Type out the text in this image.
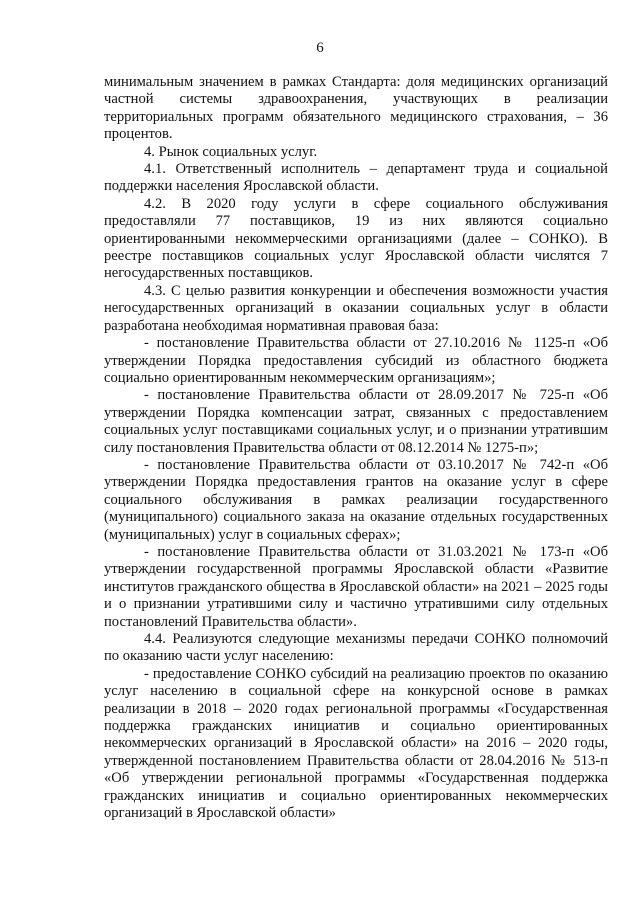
6

минимальным значением в рамках Стандарта: доля медицинских организаций частной системы здравоохранения, участвующих в реализации территориальных программ обязательного медицинского страхования, – 36 процентов.

4. Рынок социальных услуг.

4.1. Ответственный исполнитель – департамент труда и социальной поддержки населения Ярославской области.

4.2. В 2020 году услуги в сфере социального обслуживания предоставляли 77 поставщиков, 19 из них являются социально ориентированными некоммерческими организациями (далее – СОНКО). В реестре поставщиков социальных услуг Ярославской области числятся 7 негосударственных поставщиков.

4.3. С целью развития конкуренции и обеспечения возможности участия негосударственных организаций в оказании социальных услуг в области разработана необходимая нормативная правовая база:

- постановление Правительства области от 27.10.2016 № 1125-п «Об утверждении Порядка предоставления субсидий из областного бюджета социально ориентированным некоммерческим организациям»;

- постановление Правительства области от 28.09.2017 № 725-п «Об утверждении Порядка компенсации затрат, связанных с предоставлением социальных услуг поставщиками социальных услуг, и о признании утратившим силу постановления Правительства области от 08.12.2014 № 1275-п»;

- постановление Правительства области от 03.10.2017 № 742-п «Об утверждении Порядка предоставления грантов на оказание услуг в сфере социального обслуживания в рамках реализации государственного (муниципального) социального заказа на оказание отдельных государственных (муниципальных) услуг в социальных сферах»;

- постановление Правительства области от 31.03.2021 № 173-п «Об утверждении государственной программы Ярославской области «Развитие институтов гражданского общества в Ярославской области» на 2021 – 2025 годы и о признании утратившими силу и частично утратившими силу отдельных постановлений Правительства области».

4.4. Реализуются следующие механизмы передачи СОНКО полномочий по оказанию части услуг населению:

- предоставление СОНКО субсидий на реализацию проектов по оказанию услуг населению в социальной сфере на конкурсной основе в рамках реализации в 2018 – 2020 годах региональной программы «Государственная поддержка гражданских инициатив и социально ориентированных некоммерческих организаций в Ярославской области» на 2016 – 2020 годы, утвержденной постановлением Правительства области от 28.04.2016 № 513-п «Об утверждении региональной программы «Государственная поддержка гражданских инициатив и социально ориентированных некоммерческих организаций в Ярославской области»
